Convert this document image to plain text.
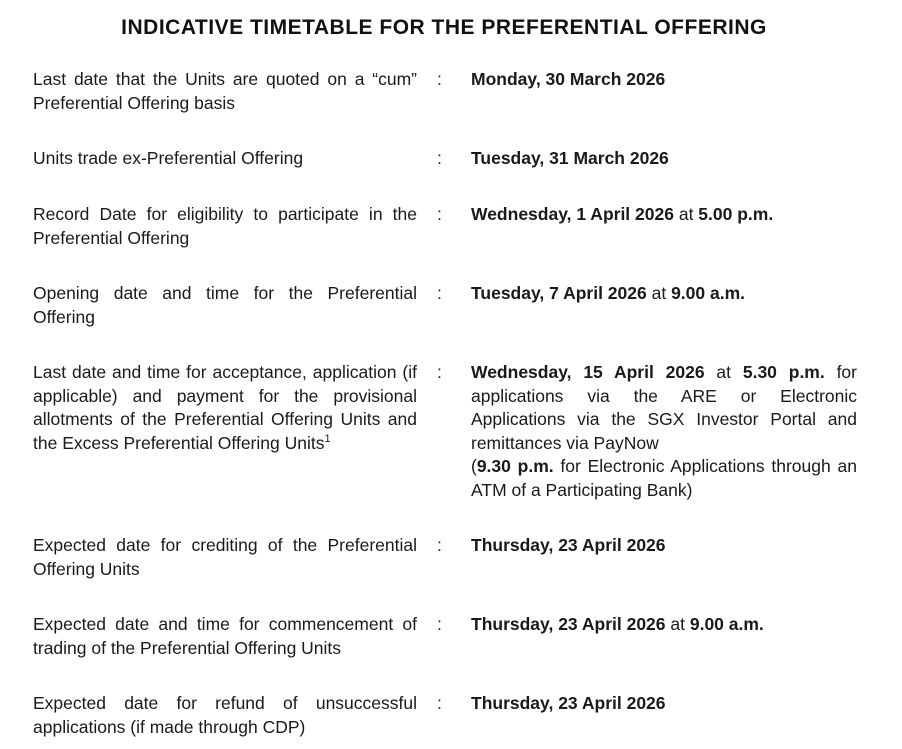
INDICATIVE TIMETABLE FOR THE PREFERENTIAL OFFERING
Last date that the Units are quoted on a “cum” Preferential Offering basis
: Monday, 30 March 2026
Units trade ex-Preferential Offering	: Tuesday, 31 March 2026
Record Date for eligibility to participate in the Preferential Offering
: Wednesday, 1 April 2026 at 5.00 p.m.
Opening date and time for the Preferential Offering
: Tuesday, 7 April 2026 at 9.00 a.m.
Last date and time for acceptance, application (if applicable) and payment for the provisional allotments of the Preferential Offering Units and the Excess Preferential Offering Units$^1$
: Wednesday, 15 April 2026 at 5.30 p.m. for applications via the ARE or Electronic Applications via the SGX Investor Portal and remittances via PayNow
(9.30 p.m. for Electronic Applications through an ATM of a Participating Bank)
Expected date for crediting of the Preferential Offering Units
: Thursday, 23 April 2026
Expected date and time for commencement of trading of the Preferential Offering Units
: Thursday, 23 April 2026 at 9.00 a.m.
Expected date for refund of unsuccessful applications (if made through CDP)
: Thursday, 23 April 2026
